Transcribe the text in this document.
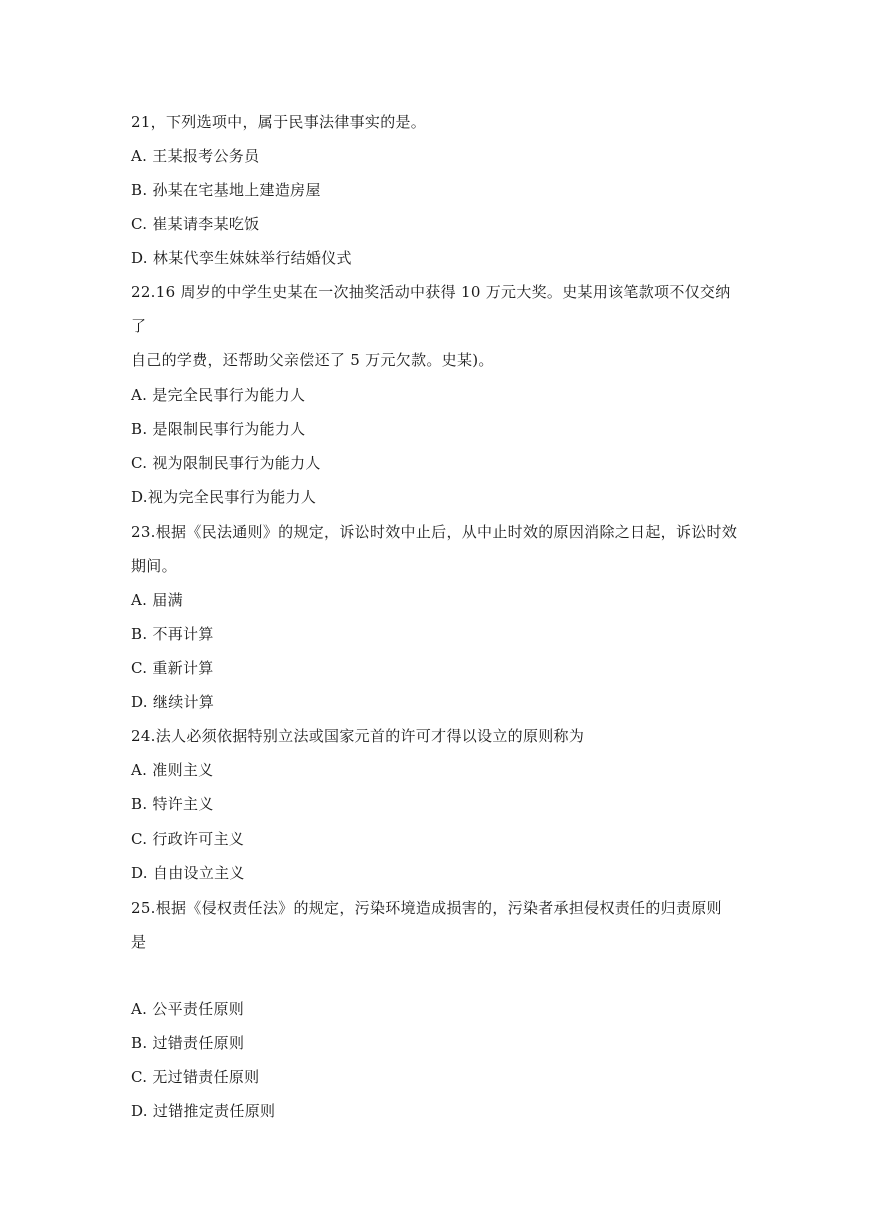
21，下列选项中，属于民事法律事实的是。
A. 王某报考公务员
B. 孙某在宅基地上建造房屋
C. 崔某请李某吃饭
D. 林某代孪生妹妹举行结婚仪式
22.16 周岁的中学生史某在一次抽奖活动中获得 10 万元大奖。史某用该笔款项不仅交纳
了
自己的学费，还帮助父亲偿还了 5 万元欠款。史某)。
A. 是完全民事行为能力人
B. 是限制民事行为能力人
C. 视为限制民事行为能力人
D.视为完全民事行为能力人
23.根据《民法通则》的规定，诉讼时效中止后，从中止时效的原因消除之日起，诉讼时效
期间。
A. 届满
B. 不再计算
C. 重新计算
D. 继续计算
24.法人必须依据特别立法或国家元首的许可才得以设立的原则称为
A. 准则主义
B. 特许主义
C. 行政许可主义
D. 自由设立主义
25.根据《侵权责任法》的规定，污染环境造成损害的，污染者承担侵权责任的归责原则
是
A. 公平责任原则
B. 过错责任原则
C. 无过错责任原则
D. 过错推定责任原则
